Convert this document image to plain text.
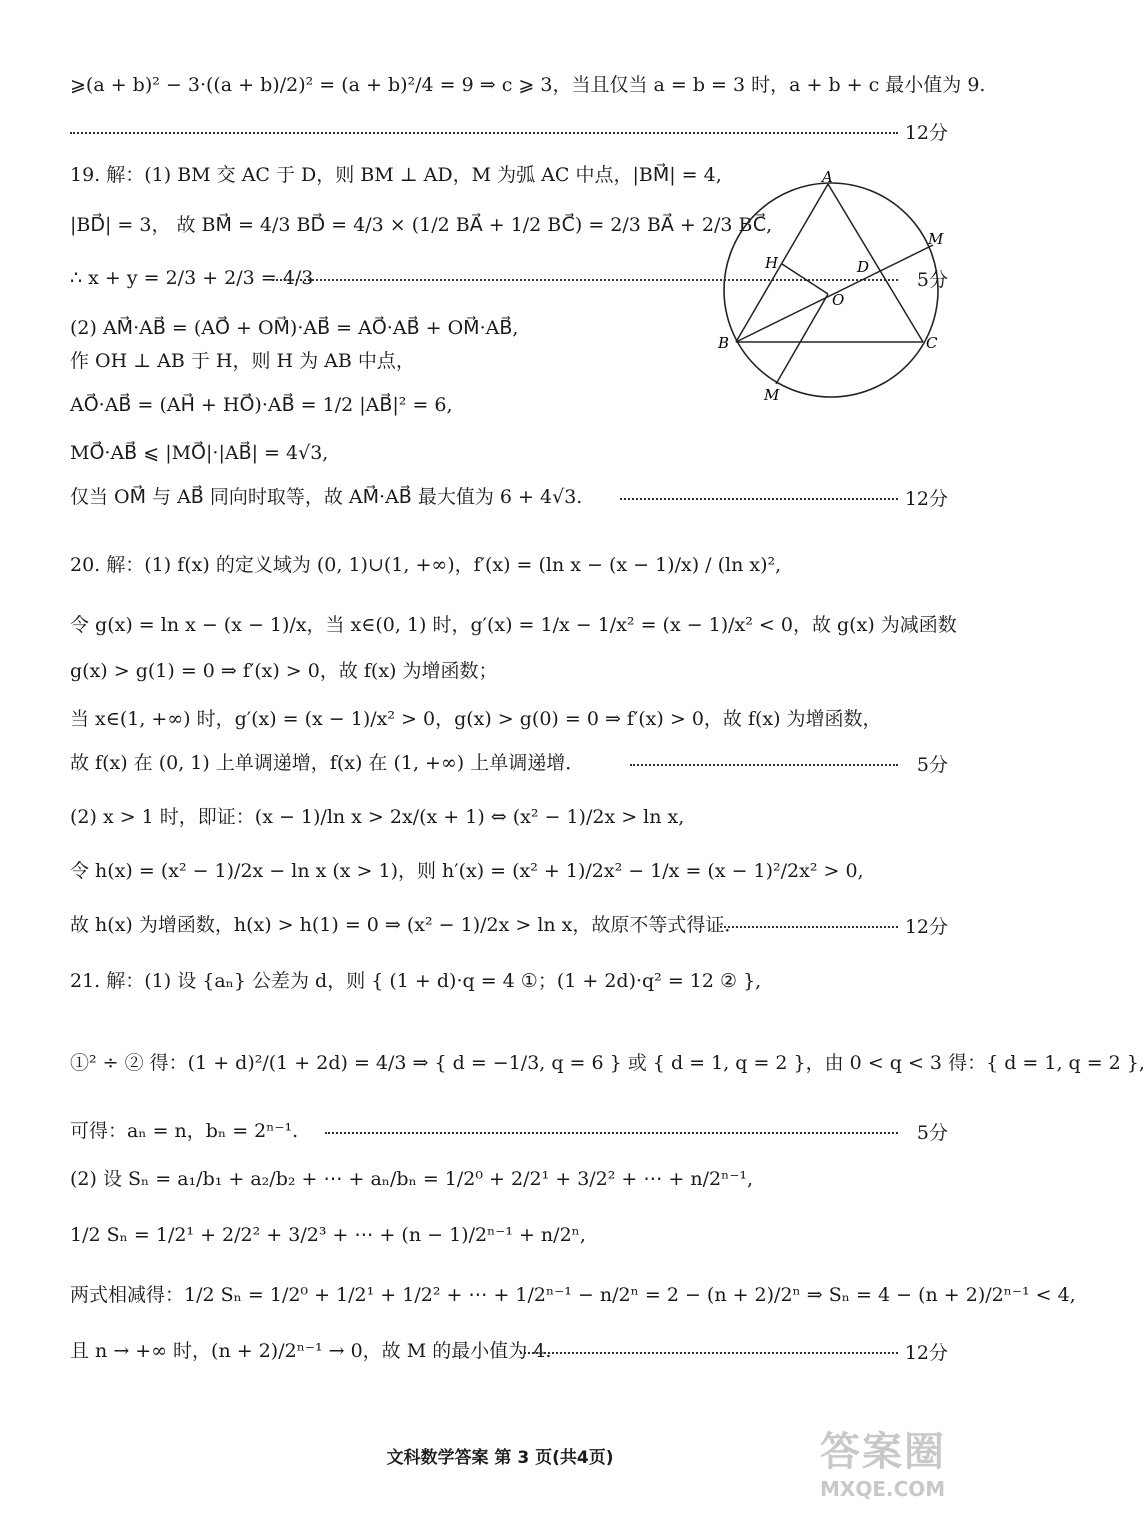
⩾(a + b)² − 3·((a + b)/2)² = (a + b)²/4 = 9 ⇒ c ⩾ 3，当且仅当 a = b = 3 时，a + b + c 最小值为 9.
19. 解：(1) BM 交 AC 于 D，则 BM ⊥ AD，M 为弧 AC 中点，|BM⃗| = 4,
|BD⃗| = 3， 故 BM⃗ = 4/3 BD⃗ = 4/3 × (1/2 BA⃗ + 1/2 BC⃗) = 2/3 BA⃗ + 2/3 BC⃗,
∴ x + y = 2/3 + 2/3 = 4/3
(2) AM⃗·AB⃗ = (AO⃗ + OM⃗)·AB⃗ = AO⃗·AB⃗ + OM⃗·AB⃗,
作 OH ⊥ AB 于 H，则 H 为 AB 中点，
AO⃗·AB⃗ = (AH⃗ + HO⃗)·AB⃗ = 1/2 |AB⃗|² = 6,
MO⃗·AB⃗ ⩽ |MO⃗|·|AB⃗| = 4√3,
仅当 OM⃗ 与 AB⃗ 同向时取等，故 AM⃗·AB⃗ 最大值为 6 + 4√3.
20. 解：(1) f(x) 的定义域为 (0, 1)∪(1, +∞)，f′(x) = (ln x − (x − 1)/x) / (ln x)²,
令 g(x) = ln x − (x − 1)/x，当 x∈(0, 1) 时，g′(x) = 1/x − 1/x² = (x − 1)/x² < 0，故 g(x) 为减函数
g(x) > g(1) = 0 ⇒ f′(x) > 0，故 f(x) 为增函数；
当 x∈(1, +∞) 时，g′(x) = (x − 1)/x² > 0，g(x) > g(0) = 0 ⇒ f′(x) > 0，故 f(x) 为增函数，
故 f(x) 在 (0, 1) 上单调递增，f(x) 在 (1, +∞) 上单调递增．
(2) x > 1 时，即证：(x − 1)/ln x > 2x/(x + 1) ⇔ (x² − 1)/2x > ln x,
令 h(x) = (x² − 1)/2x − ln x (x > 1)，则 h′(x) = (x² + 1)/2x² − 1/x = (x − 1)²/2x² > 0,
故 h(x) 为增函数，h(x) > h(1) = 0 ⇒ (x² − 1)/2x > ln x，故原不等式得证．
21. 解：(1) 设 {aₙ} 公差为 d，则 { (1 + d)·q = 4 ①；(1 + 2d)·q² = 12 ② },
①² ÷ ② 得：(1 + d)²/(1 + 2d) = 4/3 ⇒ { d = −1/3, q = 6 } 或 { d = 1, q = 2 }，由 0 < q < 3 得：{ d = 1, q = 2 },
可得：aₙ = n，bₙ = 2ⁿ⁻¹.
(2) 设 Sₙ = a₁/b₁ + a₂/b₂ + ⋯ + aₙ/bₙ = 1/2⁰ + 2/2¹ + 3/2² + ⋯ + n/2ⁿ⁻¹,
1/2 Sₙ = 1/2¹ + 2/2² + 3/2³ + ⋯ + (n − 1)/2ⁿ⁻¹ + n/2ⁿ,
两式相减得：1/2 Sₙ = 1/2⁰ + 1/2¹ + 1/2² + ⋯ + 1/2ⁿ⁻¹ − n/2ⁿ = 2 − (n + 2)/2ⁿ ⇒ Sₙ = 4 − (n + 2)/2ⁿ⁻¹ < 4,
且 n → +∞ 时，(n + 2)/2ⁿ⁻¹ → 0，故 M 的最小值为 4.
12分
5分
12分
5分
12分
5分
12分
A
B	C
M
M
H	D
O
文科数学答案 第 3 页(共4页)	答案圈
MXQE.COM
